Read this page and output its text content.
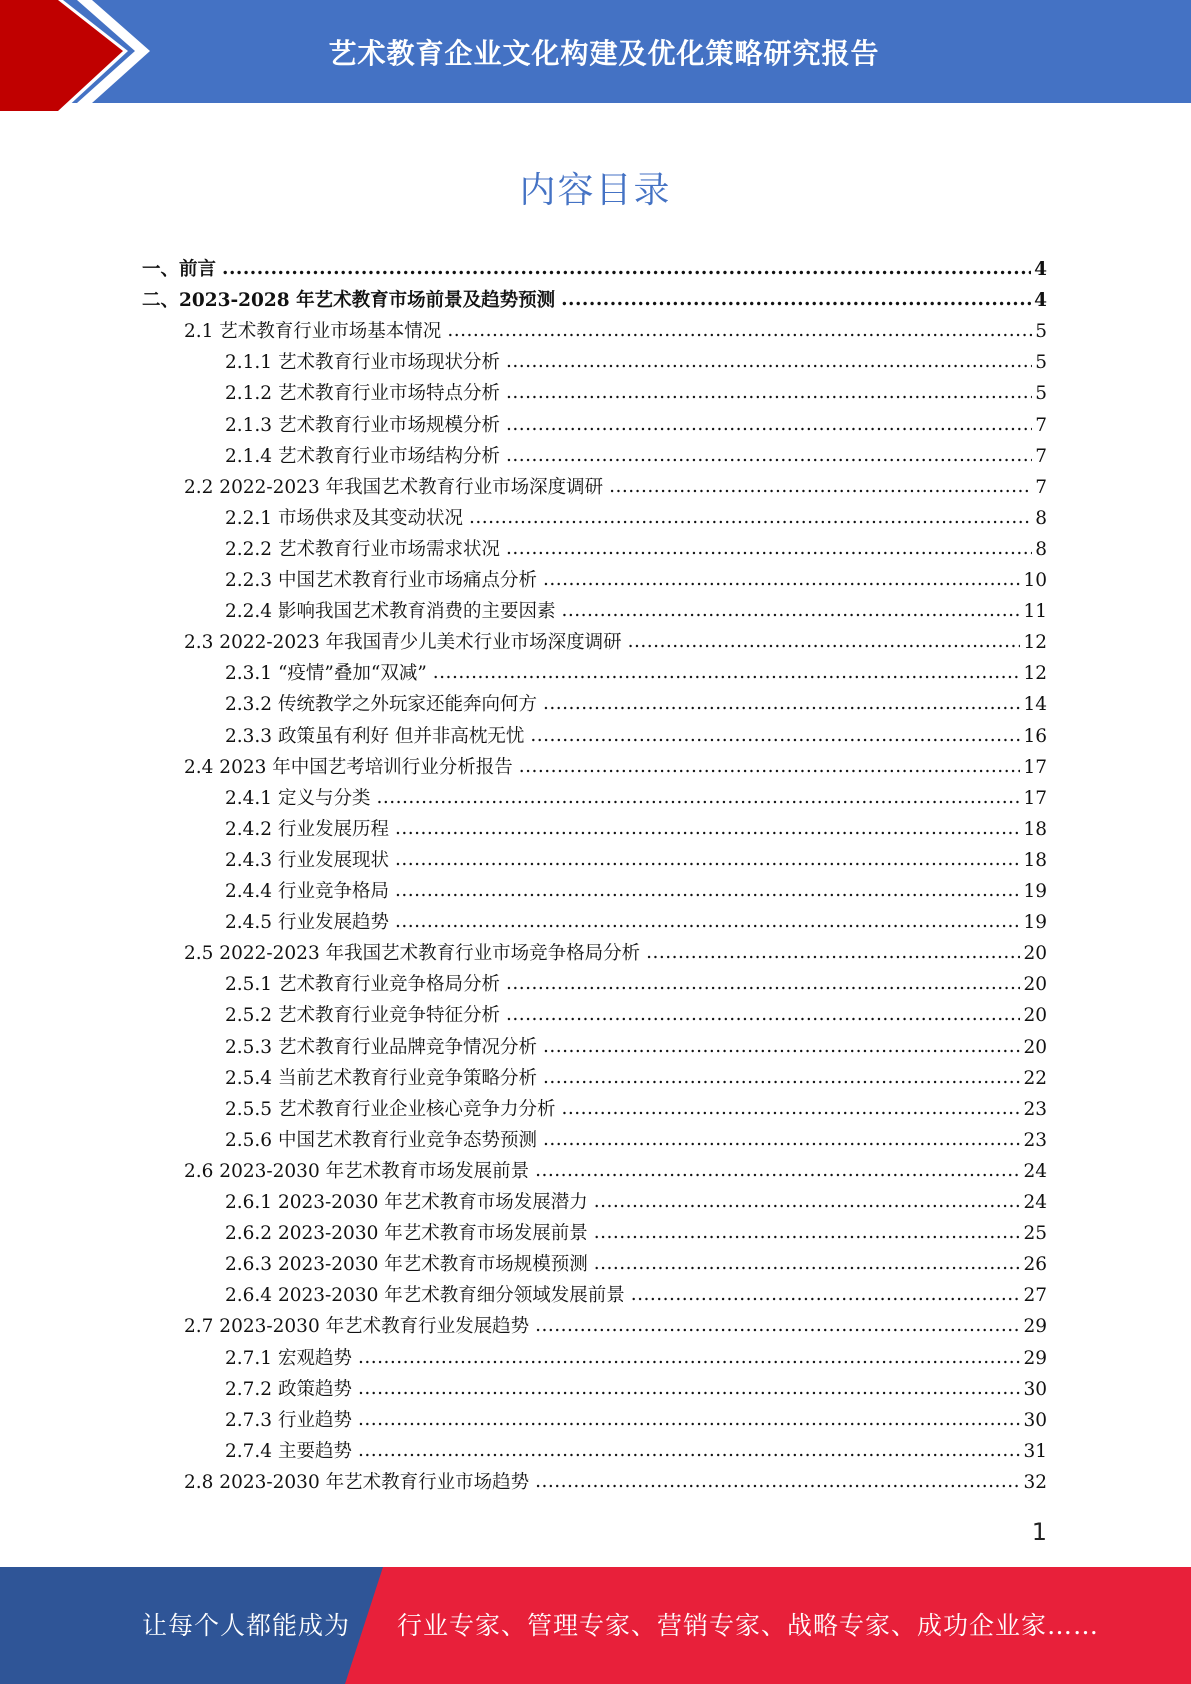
艺术教育企业文化构建及优化策略研究报告
内容目录
一、前言 .....	4
二、2023-2028 年艺术教育市场前景及趋势预测 .....	4
2.1 艺术教育行业市场基本情况 .....	5
2.1.1 艺术教育行业市场现状分析 .....	5
2.1.2 艺术教育行业市场特点分析 .....	5
2.1.3 艺术教育行业市场规模分析 .....	7
2.1.4 艺术教育行业市场结构分析 .....	7
2.2 2022-2023 年我国艺术教育行业市场深度调研 .....	7
2.2.1 市场供求及其变动状况 .....	8
2.2.2 艺术教育行业市场需求状况 .....	8
2.2.3 中国艺术教育行业市场痛点分析 .....	10
2.2.4 影响我国艺术教育消费的主要因素 .....	11
2.3 2022-2023 年我国青少儿美术行业市场深度调研 .....	12
2.3.1 “疫情”叠加“双减” .....	12
2.3.2 传统教学之外玩家还能奔向何方 .....	14
2.3.3 政策虽有利好 但并非高枕无忧 .....	16
2.4 2023 年中国艺考培训行业分析报告 .....	17
2.4.1 定义与分类 .....	17
2.4.2 行业发展历程 .....	18
2.4.3 行业发展现状 .....	18
2.4.4 行业竞争格局 .....	19
2.4.5 行业发展趋势 .....	19
2.5 2022-2023 年我国艺术教育行业市场竞争格局分析 .....	20
2.5.1 艺术教育行业竞争格局分析 .....	20
2.5.2 艺术教育行业竞争特征分析 .....	20
2.5.3 艺术教育行业品牌竞争情况分析 .....	20
2.5.4 当前艺术教育行业竞争策略分析 .....	22
2.5.5 艺术教育行业企业核心竞争力分析 .....	23
2.5.6 中国艺术教育行业竞争态势预测 .....	23
2.6 2023-2030 年艺术教育市场发展前景 .....	24
2.6.1 2023-2030 年艺术教育市场发展潜力 .....	24
2.6.2 2023-2030 年艺术教育市场发展前景 .....	25
2.6.3 2023-2030 年艺术教育市场规模预测 .....	26
2.6.4 2023-2030 年艺术教育细分领域发展前景 .....	27
2.7 2023-2030 年艺术教育行业发展趋势 .....	29
2.7.1 宏观趋势 .....	29
2.7.2 政策趋势 .....	30
2.7.3 行业趋势 .....	30
2.7.4 主要趋势 .....	31
2.8 2023-2030 年艺术教育行业市场趋势 .....	32
1
让每个人都能成为 行业专家、管理专家、营销专家、战略专家、成功企业家……
